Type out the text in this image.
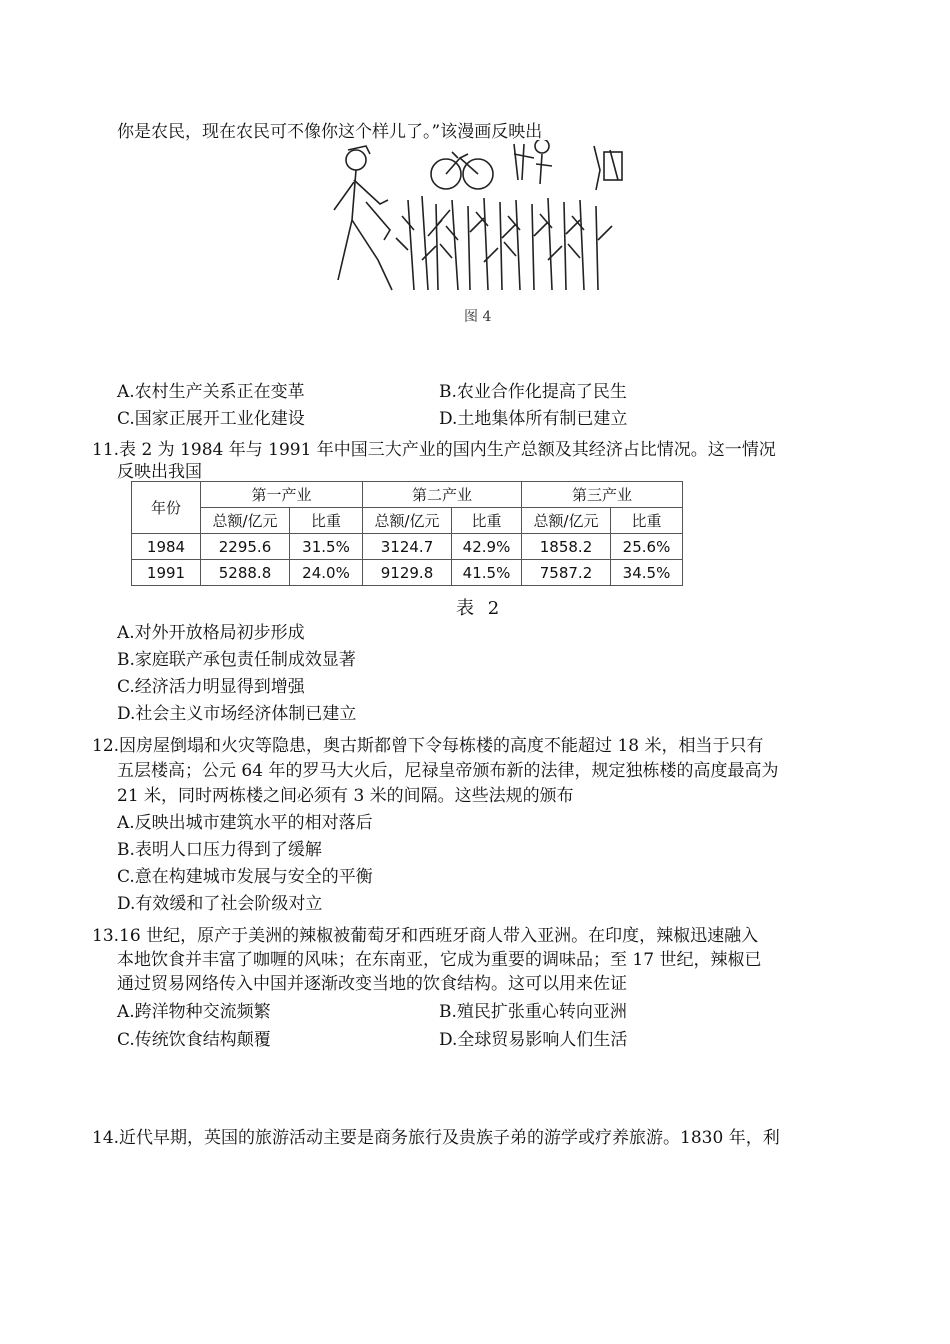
你是农民，现在农民可不像你这个样儿了。”该漫画反映出
图 4
A.农村生产关系正在变革	B.农业合作化提高了民生
C.国家正展开工业化建设	D.土地集体所有制已建立
11.表 2 为 1984 年与 1991 年中国三大产业的国内生产总额及其经济占比情况。这一情况
反映出我国
年份	第一产业		第二产业		第三产业	
	总额/亿元	比重	总额/亿元	比重	总额/亿元	比重
1984	2295.6	31.5%	3124.7	42.9%	1858.2	25.6%
1991	5288.8	24.0%	9129.8	41.5%	7587.2	34.5%
表 2
A.对外开放格局初步形成
B.家庭联产承包责任制成效显著
C.经济活力明显得到增强
D.社会主义市场经济体制已建立
12.因房屋倒塌和火灾等隐患，奥古斯都曾下令每栋楼的高度不能超过 18 米，相当于只有
五层楼高；公元 64 年的罗马大火后，尼禄皇帝颁布新的法律，规定独栋楼的高度最高为
21 米，同时两栋楼之间必须有 3 米的间隔。这些法规的颁布
A.反映出城市建筑水平的相对落后
B.表明人口压力得到了缓解
C.意在构建城市发展与安全的平衡
D.有效缓和了社会阶级对立
13.16 世纪，原产于美洲的辣椒被葡萄牙和西班牙商人带入亚洲。在印度，辣椒迅速融入
本地饮食并丰富了咖喱的风味；在东南亚，它成为重要的调味品；至 17 世纪，辣椒已
通过贸易网络传入中国并逐渐改变当地的饮食结构。这可以用来佐证
A.跨洋物种交流频繁	B.殖民扩张重心转向亚洲
C.传统饮食结构颠覆	D.全球贸易影响人们生活
14.近代早期，英国的旅游活动主要是商务旅行及贵族子弟的游学或疗养旅游。1830 年，利
